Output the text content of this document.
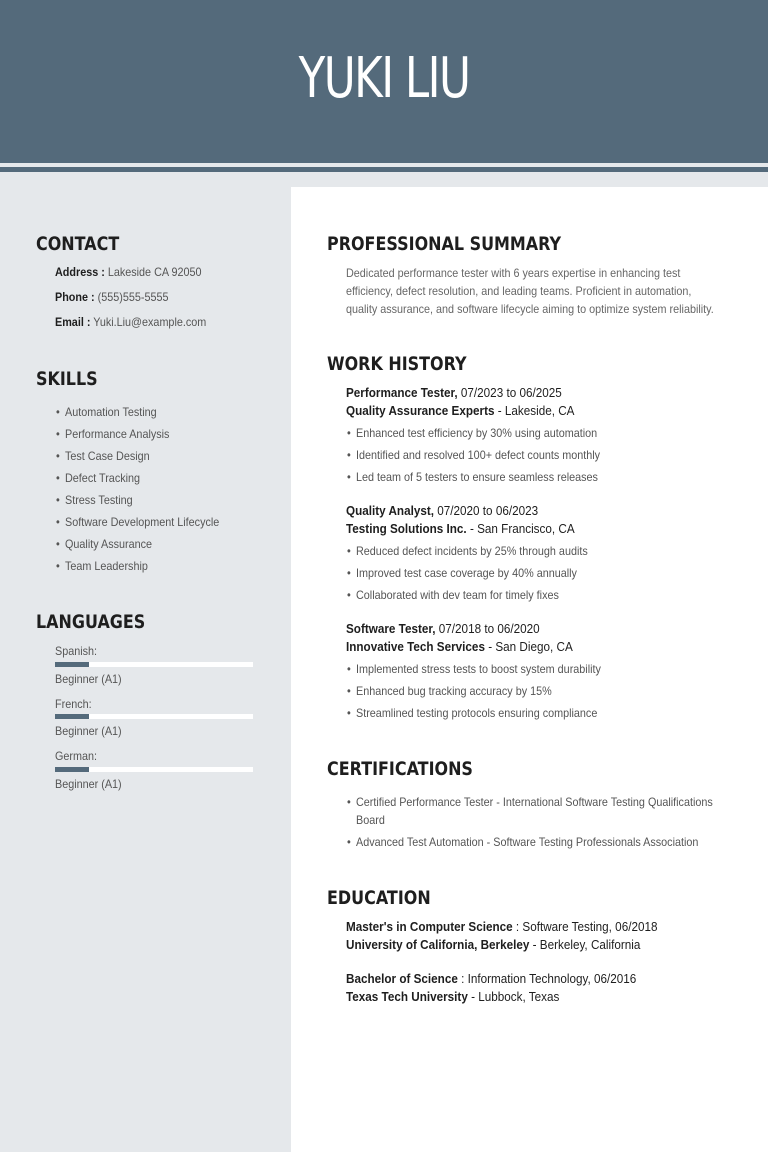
YUKI LIU
CONTACT
Address : Lakeside CA 92050
Phone : (555)555-5555
Email : Yuki.Liu@example.com
SKILLS
• Automation Testing
• Performance Analysis
• Test Case Design
• Defect Tracking
• Stress Testing
• Software Development Lifecycle
• Quality Assurance
• Team Leadership
LANGUAGES
Spanish:
Beginner (A1)
French:
Beginner (A1)
German:
Beginner (A1)
PROFESSIONAL SUMMARY
Dedicated performance tester with 6 years expertise in enhancing test efficiency, defect resolution, and leading teams. Proficient in automation, quality assurance, and software lifecycle aiming to optimize system reliability.
WORK HISTORY
Performance Tester, 07/2023 to 06/2025
Quality Assurance Experts - Lakeside, CA
• Enhanced test efficiency by 30% using automation
• Identified and resolved 100+ defect counts monthly
• Led team of 5 testers to ensure seamless releases
Quality Analyst, 07/2020 to 06/2023
Testing Solutions Inc. - San Francisco, CA
• Reduced defect incidents by 25% through audits
• Improved test case coverage by 40% annually
• Collaborated with dev team for timely fixes
Software Tester, 07/2018 to 06/2020
Innovative Tech Services - San Diego, CA
• Implemented stress tests to boost system durability
• Enhanced bug tracking accuracy by 15%
• Streamlined testing protocols ensuring compliance
CERTIFICATIONS
• Certified Performance Tester - International Software Testing Qualifications
Board
• Advanced Test Automation - Software Testing Professionals Association
EDUCATION
Master's in Computer Science : Software Testing, 06/2018
University of California, Berkeley - Berkeley, California
Bachelor of Science : Information Technology, 06/2016
Texas Tech University - Lubbock, Texas
